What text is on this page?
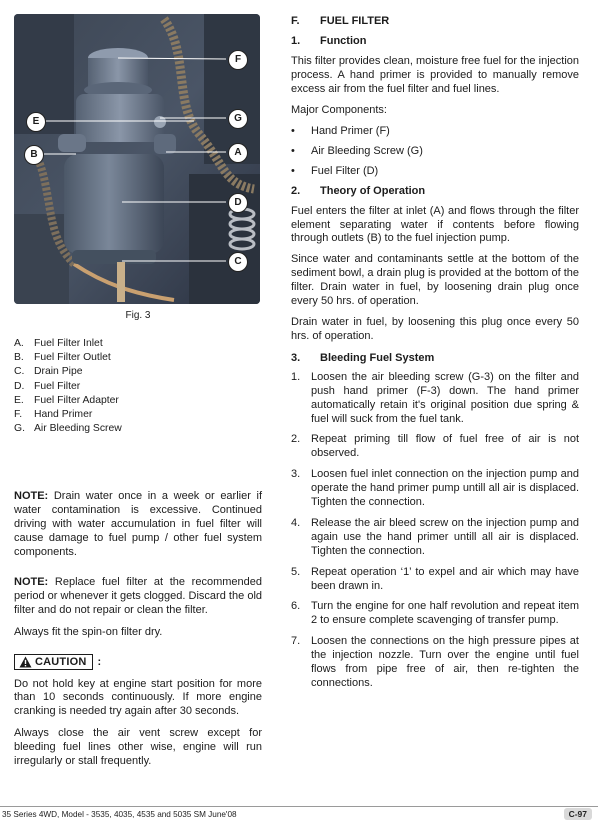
F
E	G
B	A
D
C
Fig. 3
A. Fuel Filter Inlet
B. Fuel Filter Outlet
C. Drain Pipe
D. Fuel Filter
E. Fuel Filter Adapter
F.	Hand Primer
G. Air Bleeding Screw

NOTE: Drain water once in a week or earlier if water contamination is excessive. Continued driving with water accumulation in fuel filter will cause damage to fuel pump / other fuel system components.

NOTE: Replace fuel filter at the recommended period or whenever it gets clogged. Discard the old filter and do not repair or clean the filter.

Always fit the spin-on filter dry.

CAUTION :

Do not hold key at engine start position for more than 10 seconds continuously. If more engine cranking is needed try again after 30 seconds.

Always close the air vent screw except for bleeding fuel lines other wise, engine will run irregularly or stall frequently.

F.	FUEL FILTER
1.	Function

This filter provides clean, moisture free fuel for the injection process. A hand primer is provided to manually remove excess air from the fuel filter and fuel lines.

Major Components:

•	Hand Primer (F)
•	Air Bleeding Screw (G)
•	Fuel Filter (D)
2.	Theory of Operation

Fuel enters the filter at inlet (A) and flows through the filter element separating water if contents before flowing through outlets (B) to the fuel injection pump.

Since water and contaminants settle at the bottom of the sediment bowl, a drain plug is provided at the bottom of the filter. Drain water in fuel, by loosening drain plug once every 50 hrs. of operation.

Drain water in fuel, by loosening this plug once every 50 hrs. of operation.

3.	Bleeding Fuel System
1. Loosen the air bleeding screw (G-3) on the filter and push hand primer (F-3) down. The hand primer automatically retain it's original position due spring & fuel will suck from the fuel tank.
2. Repeat priming till flow of fuel free of air is not observed.
3. Loosen fuel inlet connection on the injection pump and operate the hand primer pump untill all air is displaced. Tighten the connection.
4. Release the air bleed screw on the injection pump and again use the hand primer untill all air is displaced. Tighten the connection.
5. Repeat operation ‘1’ to expel and air which may have been drawn in.
6. Turn the engine for one half revolution and repeat item 2 to ensure complete scavenging of transfer pump.
7. Loosen the connections on the high pressure pipes at the injection nozzle. Turn over the engine until fuel flows from pipe free of air, then re-tighten the connections.
35 Series 4WD, Model - 3535, 4035, 4535 and 5035 SM June'08	C-97
